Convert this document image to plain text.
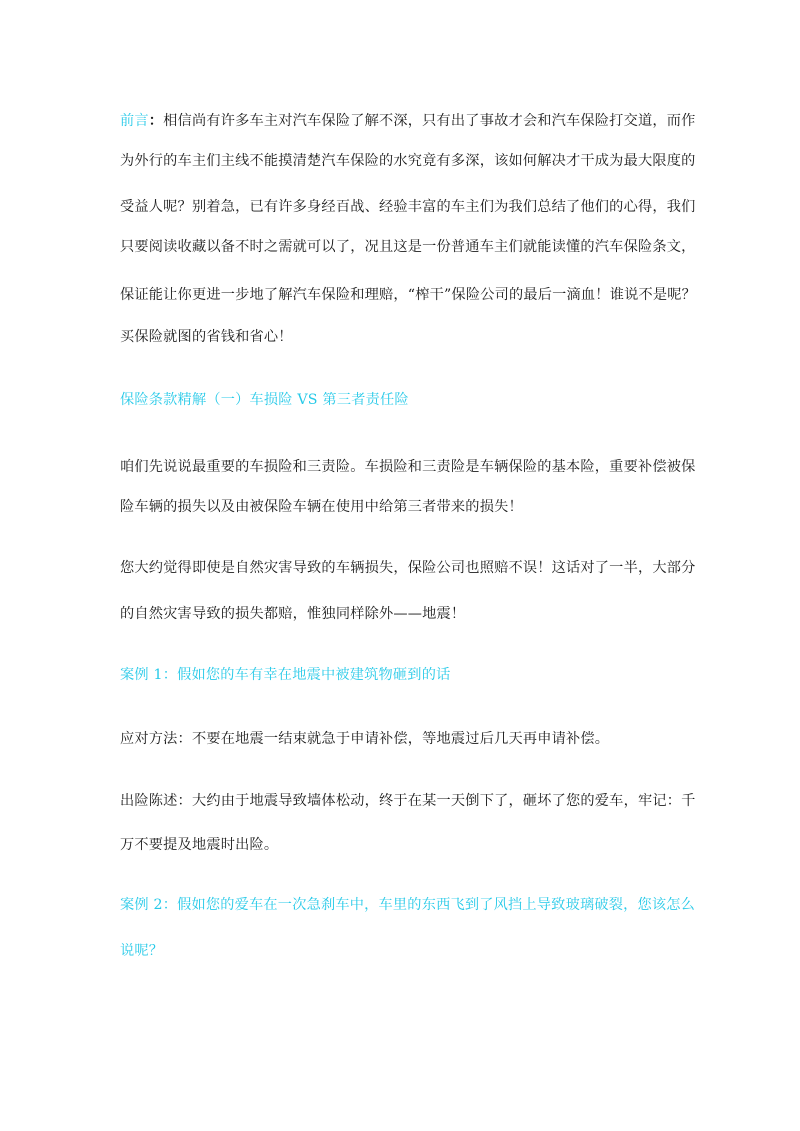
前言：相信尚有许多车主对汽车保险了解不深，只有出了事故才会和汽车保险打交道，而作
为外行的车主们主线不能摸清楚汽车保险的水究竟有多深，该如何解决才干成为最大限度的
受益人呢？别着急，已有许多身经百战、经验丰富的车主们为我们总结了他们的心得，我们
只要阅读收藏以备不时之需就可以了，况且这是一份普通车主们就能读懂的汽车保险条文，
保证能让你更进一步地了解汽车保险和理赔，“榨干”保险公司的最后一滴血！谁说不是呢？
买保险就图的省钱和省心！
保险条款精解（一）车损险 VS 第三者责任险
咱们先说说最重要的车损险和三责险。车损险和三责险是车辆保险的基本险，重要补偿被保
险车辆的损失以及由被保险车辆在使用中给第三者带来的损失！
您大约觉得即使是自然灾害导致的车辆损失，保险公司也照赔不误！这话对了一半，大部分
的自然灾害导致的损失都赔，惟独同样除外——地震！
案例 1：假如您的车有幸在地震中被建筑物砸到的话
应对方法：不要在地震一结束就急于申请补偿，等地震过后几天再申请补偿。
出险陈述：大约由于地震导致墙体松动，终于在某一天倒下了，砸坏了您的爱车，牢记：千
万不要提及地震时出险。
案例 2：假如您的爱车在一次急刹车中，车里的东西飞到了风挡上导致玻璃破裂，您该怎么
说呢？
